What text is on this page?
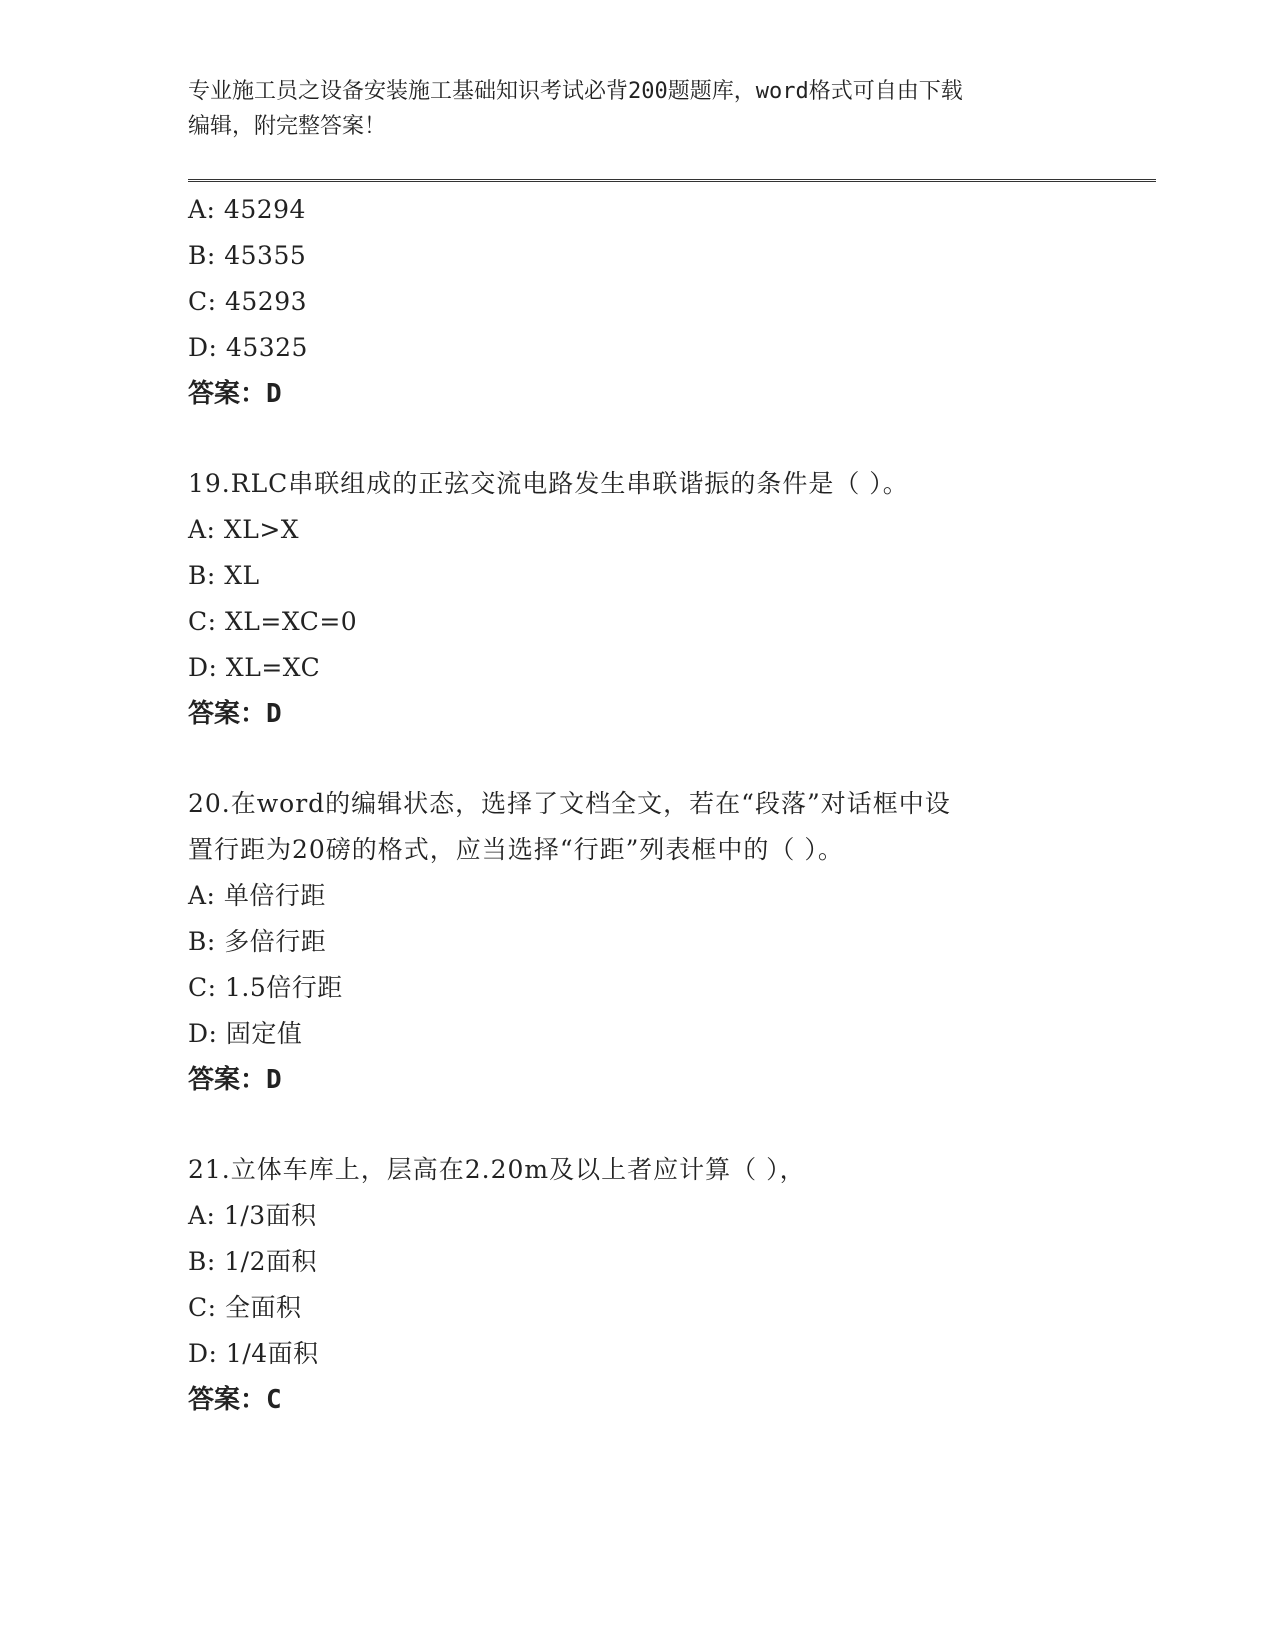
专业施工员之设备安装施工基础知识考试必背200题题库，word格式可自由下载
编辑，附完整答案！
A: 45294
B: 45355
C: 45293
D: 45325
答案：D
19.RLC串联组成的正弦交流电路发生串联谐振的条件是（ ）。
A: XL>X
B: XL
C: XL=XC=0
D: XL=XC
答案：D
20.在word的编辑状态，选择了文档全文，若在“段落”对话框中设
置行距为20磅的格式，应当选择“行距”列表框中的（ ）。
A: 单倍行距
B: 多倍行距
C: 1.5倍行距
D: 固定值
答案：D
21.立体车库上，层高在2.20m及以上者应计算（ ），
A: 1/3面积
B: 1/2面积
C: 全面积
D: 1/4面积
答案：C
